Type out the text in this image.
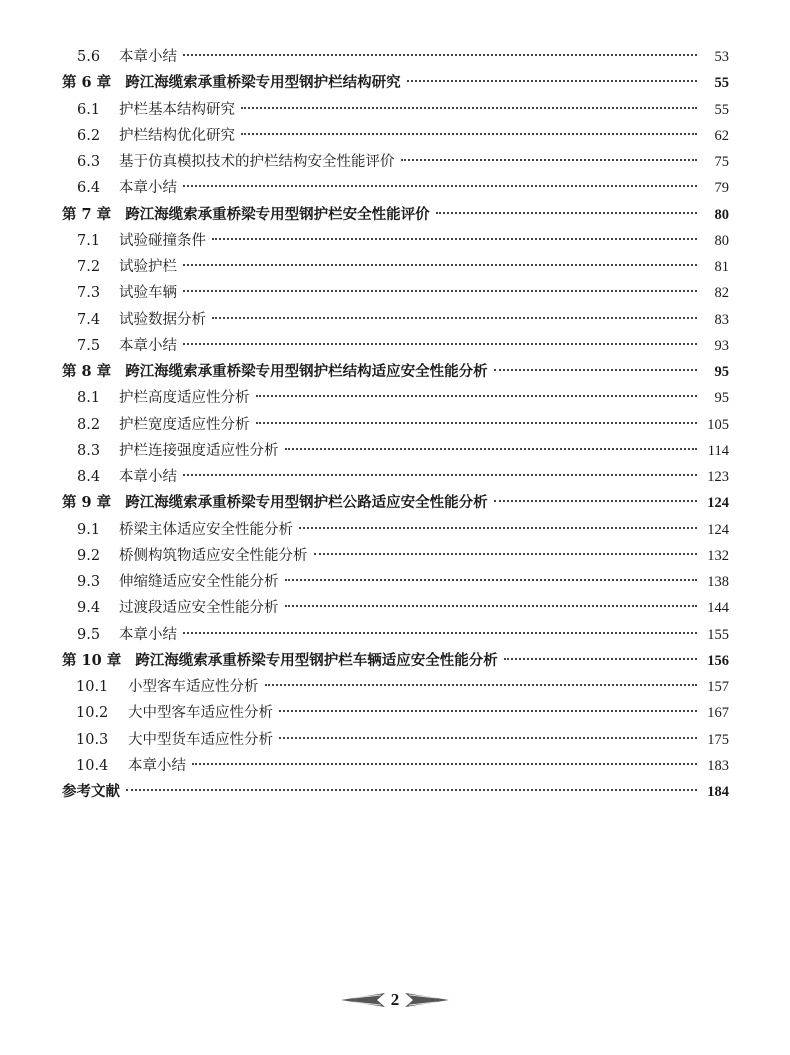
5.6	本章小结	53
第 6 章 跨江海缆索承重桥梁专用型钢护栏结构研究	55
6.1	护栏基本结构研究	55
6.2	护栏结构优化研究	62
6.3	基于仿真模拟技术的护栏结构安全性能评价	75
6.4	本章小结	79
第 7 章 跨江海缆索承重桥梁专用型钢护栏安全性能评价	80
7.1	试验碰撞条件	80
7.2	试验护栏	81
7.3	试验车辆	82
7.4	试验数据分析	83
7.5	本章小结	93
第 8 章 跨江海缆索承重桥梁专用型钢护栏结构适应安全性能分析	95
8.1	护栏高度适应性分析	95
8.2	护栏宽度适应性分析	105
8.3	护栏连接强度适应性分析	114
8.4	本章小结	123
第 9 章 跨江海缆索承重桥梁专用型钢护栏公路适应安全性能分析	124
9.1	桥梁主体适应安全性能分析	124
9.2	桥侧构筑物适应安全性能分析	132
9.3	伸缩缝适应安全性能分析	138
9.4	过渡段适应安全性能分析	144
9.5	本章小结	155
第 10 章 跨江海缆索承重桥梁专用型钢护栏车辆适应安全性能分析	156
10.1	小型客车适应性分析	157
10.2	大中型客车适应性分析	167
10.3	大中型货车适应性分析	175
10.4	本章小结	183
参考文献	184
2
